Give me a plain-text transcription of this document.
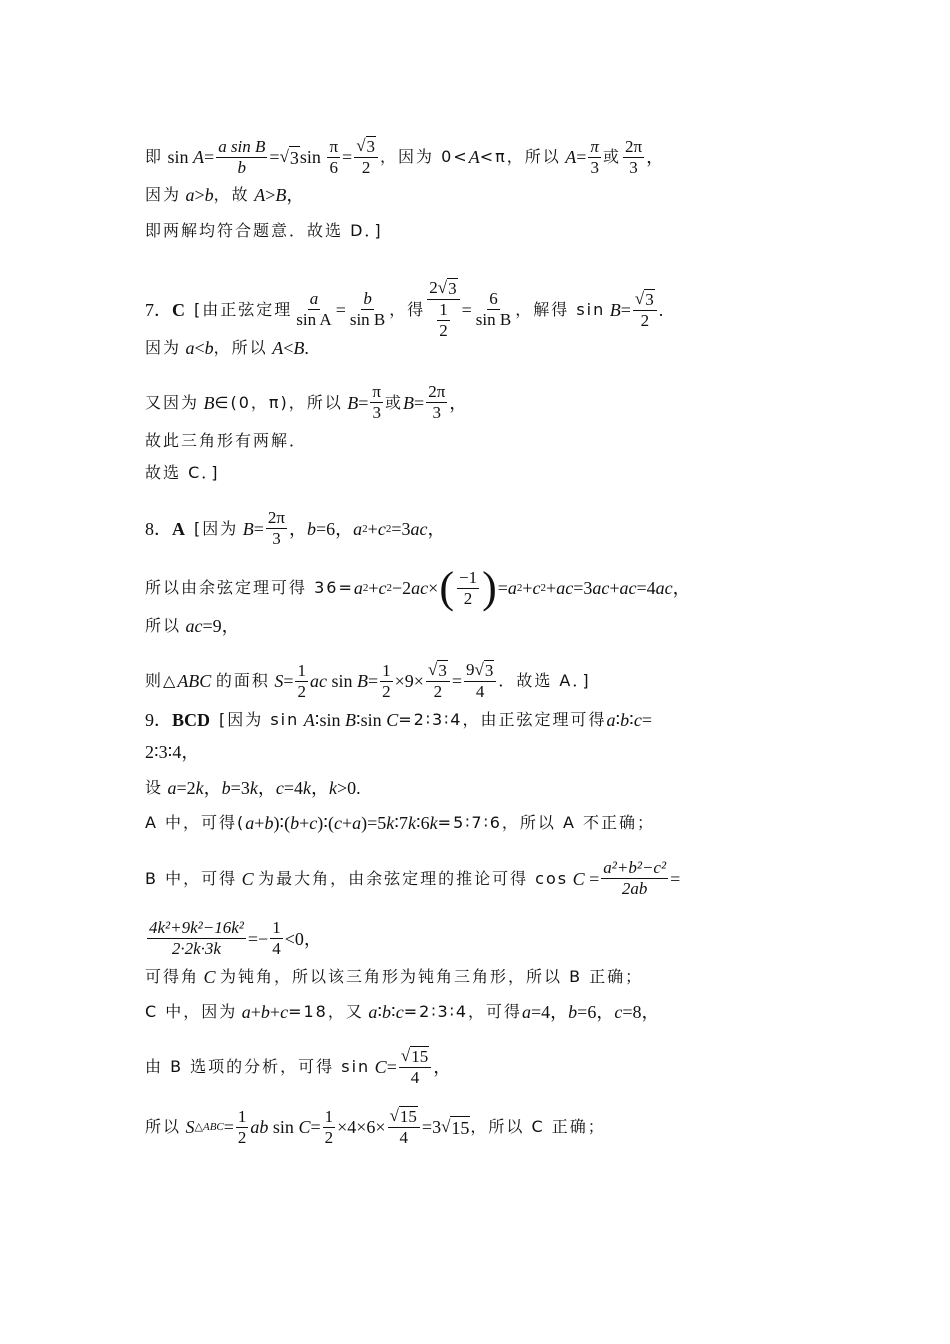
即
sin
$A = \frac{\text{a sin B}}{b}$ = √ 3 sin
$\frac{\pi}{6} = \frac{√ 3}{2}$ ，因为 0< A <π，所以
$A = \frac{\pi}{3}$ 或 $\frac{2\pi}{3}$ ，
因为
a > b ，故
A > B ，
即两解均符合题意．故选 D．]
7． C
[由正弦定理 $\frac{a}{\text{sin A}} = \frac{b}{\text{sin B}}$ ，得 $\frac{2 √ 3}{\frac{1}{2}} = \frac{6}{\text{sin B}}$ ，解得 sin
$B = \frac{√ 3}{2}$ .
因为
a < b ，所以
A < B .
又因为
B ∈(0，π)，所以
$B = \frac{\pi}{3}$ 或 $B = \frac{2\pi}{3}$ ，
故此三角形有两解．
故选 C．]
8． A
[因为
$B = \frac{2\pi}{3}$ ， b =6， a 2 + c 2 =3 ac ，
所以由余弦定理可得 36= a 2 + c 2 −2 ac × ( $\frac{-1}{2}$ ) = a 2 + c 2 + ac =3 ac + ac =4 ac ，
所以
ac =9，
则△ ABC
的面积
$S = \frac{1}{2}$ ac
sin
$B = \frac{1}{2} \times 9\times \frac{√ 3}{2} = \frac{9 √ 3}{4}$ ．故选 A．]
9． BCD
[因为 sin
A ∶sin
B ∶sin
C =2∶3∶4，由正弦定理可得 a ∶ b ∶ c =
2∶3∶4，
设
a =2 k ， b =3 k ， c =4 k ， k >0.
A 中，可得( a + b )∶( b + c )∶( c + a )=5 k ∶7 k ∶6 k =5∶7∶6，所以 A 不正确；
B 中，可得
C
为最大角，由余弦定理的推论可得 cos
C
= $\frac{\text{a²+b²−c²}}{2ab}$ =
$\frac{\text{4k²+9k²−16k²}}{2\cdot 2k\cdot 3k} =- \frac{1}{4} <0$，
可得角
C
为钝角，所以该三角形为钝角三角形，所以 B 正确；
C 中，因为
a + b + c =18，又
a ∶ b ∶ c =2∶3∶4，可得 a =4， b =6， c =8，
由 B 选项的分析，可得 sin
$C = \frac{√ 15}{4}$ ，
所以
S △ABC = $\frac{1}{2}$ ab
sin
$C = \frac{1}{2} \times 4\times 6\times \frac{√ 15}{4} =3$ √ 15 ，所以 C 正确；
